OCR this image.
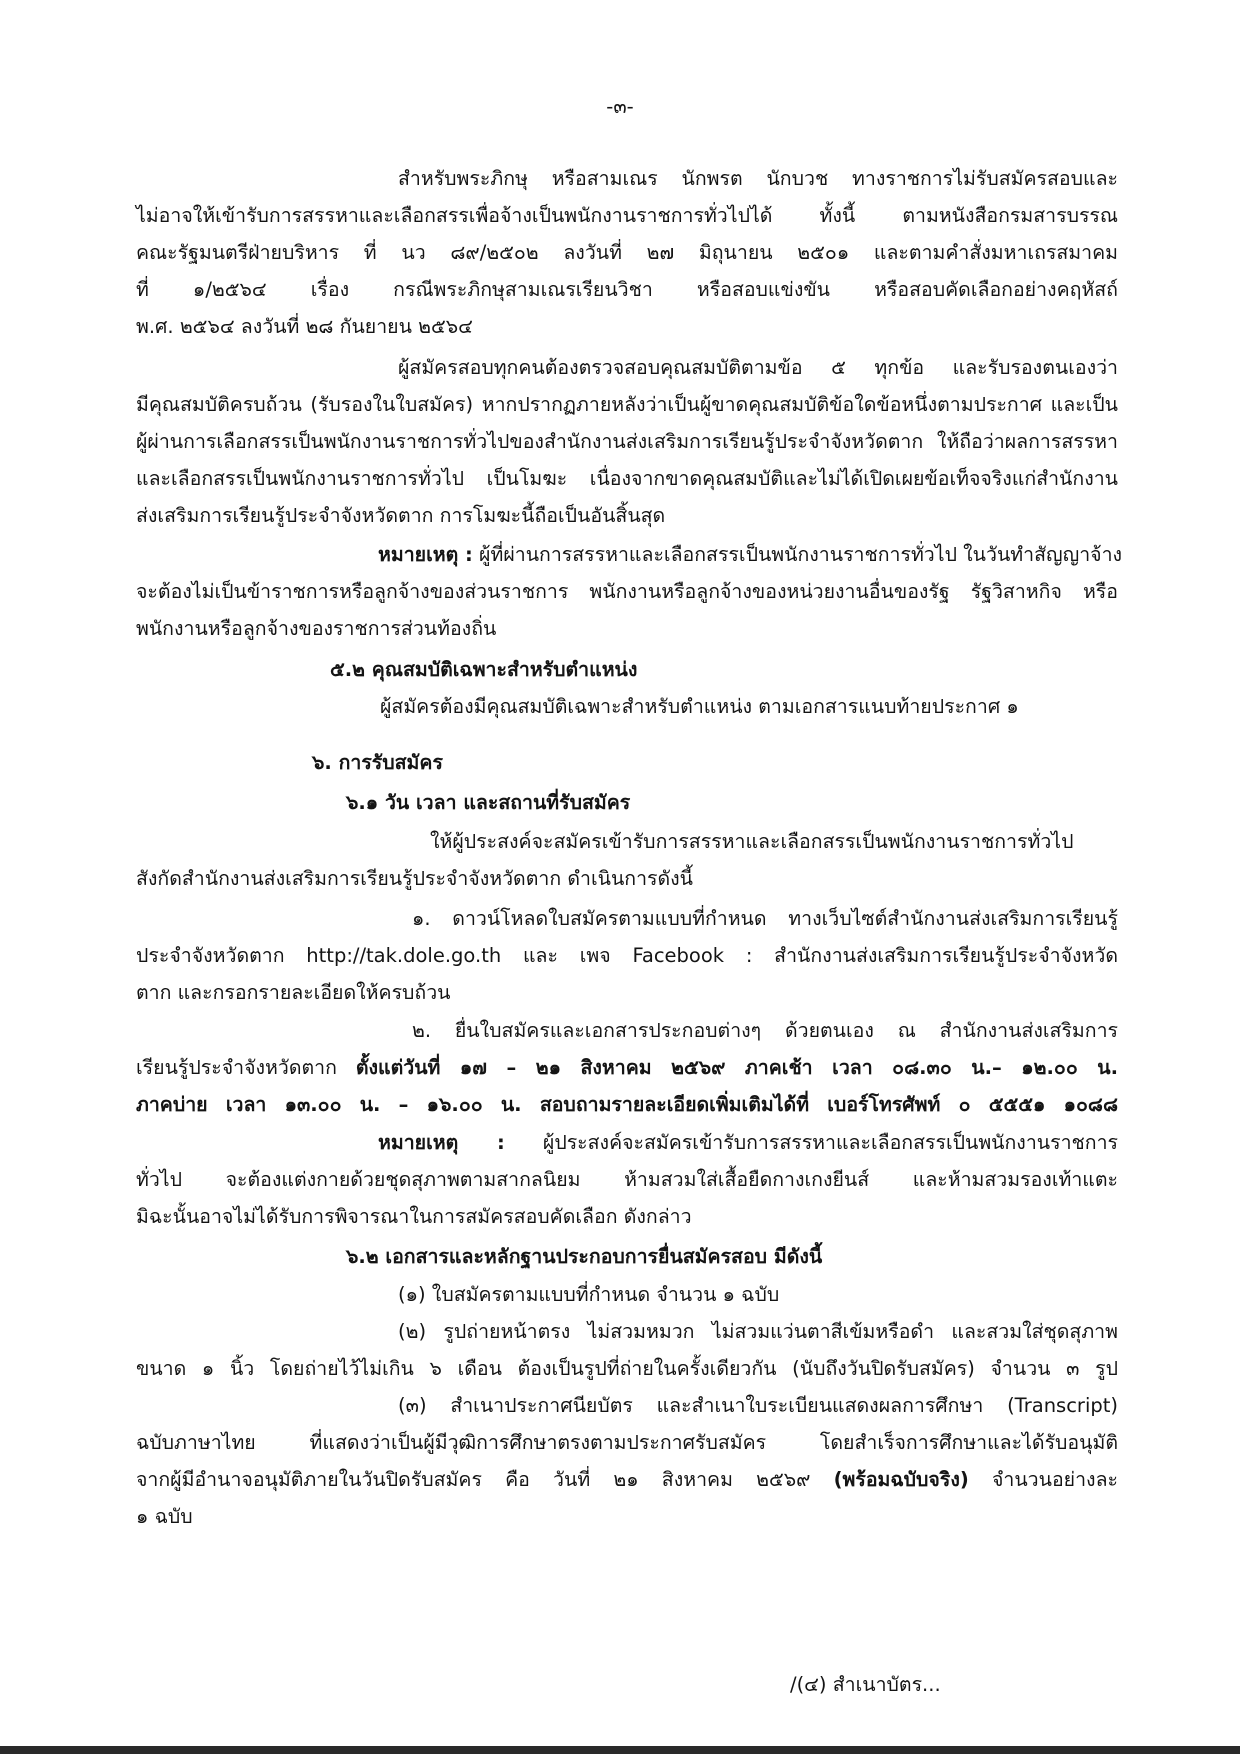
-๓-
สำหรับพระภิกษุ หรือสามเณร นักพรต นักบวช ทางราชการไม่รับสมัครสอบและ
ไม่อาจให้เข้ารับการสรรหาและเลือกสรรเพื่อจ้างเป็นพนักงานราชการทั่วไปได้ ทั้งนี้ ตามหนังสือกรมสารบรรณ
คณะรัฐมนตรีฝ่ายบริหาร ที่ นว ๘๙/๒๕๐๒ ลงวันที่ ๒๗ มิถุนายน ๒๕๐๑ และตามคำสั่งมหาเถรสมาคม
ที่ ๑/๒๕๖๔ เรื่อง กรณีพระภิกษุสามเณรเรียนวิชา หรือสอบแข่งขัน หรือสอบคัดเลือกอย่างคฤหัสถ์
พ.ศ. ๒๕๖๔ ลงวันที่ ๒๘ กันยายน ๒๕๖๔
ผู้สมัครสอบทุกคนต้องตรวจสอบคุณสมบัติตามข้อ ๕ ทุกข้อ และรับรองตนเองว่า
มีคุณสมบัติครบถ้วน (รับรองในใบสมัคร) หากปรากฏภายหลังว่าเป็นผู้ขาดคุณสมบัติข้อใดข้อหนึ่งตามประกาศ และเป็น
ผู้ผ่านการเลือกสรรเป็นพนักงานราชการทั่วไปของสำนักงานส่งเสริมการเรียนรู้ประจำจังหวัดตาก ให้ถือว่าผลการสรรหา
และเลือกสรรเป็นพนักงานราชการทั่วไป เป็นโมฆะ เนื่องจากขาดคุณสมบัติและไม่ได้เปิดเผยข้อเท็จจริงแก่สำนักงาน
ส่งเสริมการเรียนรู้ประจำจังหวัดตาก การโมฆะนี้ถือเป็นอันสิ้นสุด
หมายเหตุ : ผู้ที่ผ่านการสรรหาและเลือกสรรเป็นพนักงานราชการทั่วไป ในวันทำสัญญาจ้าง
จะต้องไม่เป็นข้าราชการหรือลูกจ้างของส่วนราชการ พนักงานหรือลูกจ้างของหน่วยงานอื่นของรัฐ รัฐวิสาหกิจ หรือ
พนักงานหรือลูกจ้างของราชการส่วนท้องถิ่น
๕.๒ คุณสมบัติเฉพาะสำหรับตำแหน่ง
ผู้สมัครต้องมีคุณสมบัติเฉพาะสำหรับตำแหน่ง ตามเอกสารแนบท้ายประกาศ ๑
๖. การรับสมัคร
๖.๑ วัน เวลา และสถานที่รับสมัคร
ให้ผู้ประสงค์จะสมัครเข้ารับการสรรหาและเลือกสรรเป็นพนักงานราชการทั่วไป
สังกัดสำนักงานส่งเสริมการเรียนรู้ประจำจังหวัดตาก ดำเนินการดังนี้
๑. ดาวน์โหลดใบสมัครตามแบบที่กำหนด ทางเว็บไซต์สำนักงานส่งเสริมการเรียนรู้
ประจำจังหวัดตาก http://tak.dole.go.th และ เพจ Facebook : สำนักงานส่งเสริมการเรียนรู้ประจำจังหวัด
ตาก และกรอกรายละเอียดให้ครบถ้วน
๒. ยื่นใบสมัครและเอกสารประกอบต่างๆ ด้วยตนเอง ณ สำนักงานส่งเสริมการ
เรียนรู้ประจำจังหวัดตาก ตั้งแต่วันที่ ๑๗ – ๒๑ สิงหาคม ๒๕๖๙ ภาคเช้า เวลา ๐๘.๓๐ น.– ๑๒.๐๐ น.
ภาคบ่าย เวลา ๑๓.๐๐ น. – ๑๖.๐๐ น. สอบถามรายละเอียดเพิ่มเติมได้ที่ เบอร์โทรศัพท์ ๐ ๕๕๕๑ ๑๐๘๘
หมายเหตุ : ผู้ประสงค์จะสมัครเข้ารับการสรรหาและเลือกสรรเป็นพนักงานราชการ
ทั่วไป จะต้องแต่งกายด้วยชุดสุภาพตามสากลนิยม ห้ามสวมใส่เสื้อยืดกางเกงยีนส์ และห้ามสวมรองเท้าแตะ
มิฉะนั้นอาจไม่ได้รับการพิจารณาในการสมัครสอบคัดเลือก ดังกล่าว
๖.๒ เอกสารและหลักฐานประกอบการยื่นสมัครสอบ มีดังนี้
(๑) ใบสมัครตามแบบที่กำหนด จำนวน ๑ ฉบับ
(๒) รูปถ่ายหน้าตรง ไม่สวมหมวก ไม่สวมแว่นตาสีเข้มหรือดำ และสวมใส่ชุดสุภาพ
ขนาด ๑ นิ้ว โดยถ่ายไว้ไม่เกิน ๖ เดือน ต้องเป็นรูปที่ถ่ายในครั้งเดียวกัน (นับถึงวันปิดรับสมัคร) จำนวน ๓ รูป
(๓) สำเนาประกาศนียบัตร และสำเนาใบระเบียนแสดงผลการศึกษา (Transcript)
ฉบับภาษาไทย ที่แสดงว่าเป็นผู้มีวุฒิการศึกษาตรงตามประกาศรับสมัคร โดยสำเร็จการศึกษาและได้รับอนุมัติ
จากผู้มีอำนาจอนุมัติภายในวันปิดรับสมัคร คือ วันที่ ๒๑ สิงหาคม ๒๕๖๙ (พร้อมฉบับจริง) จำนวนอย่างละ
๑ ฉบับ
/(๔) สำเนาบัตร...
